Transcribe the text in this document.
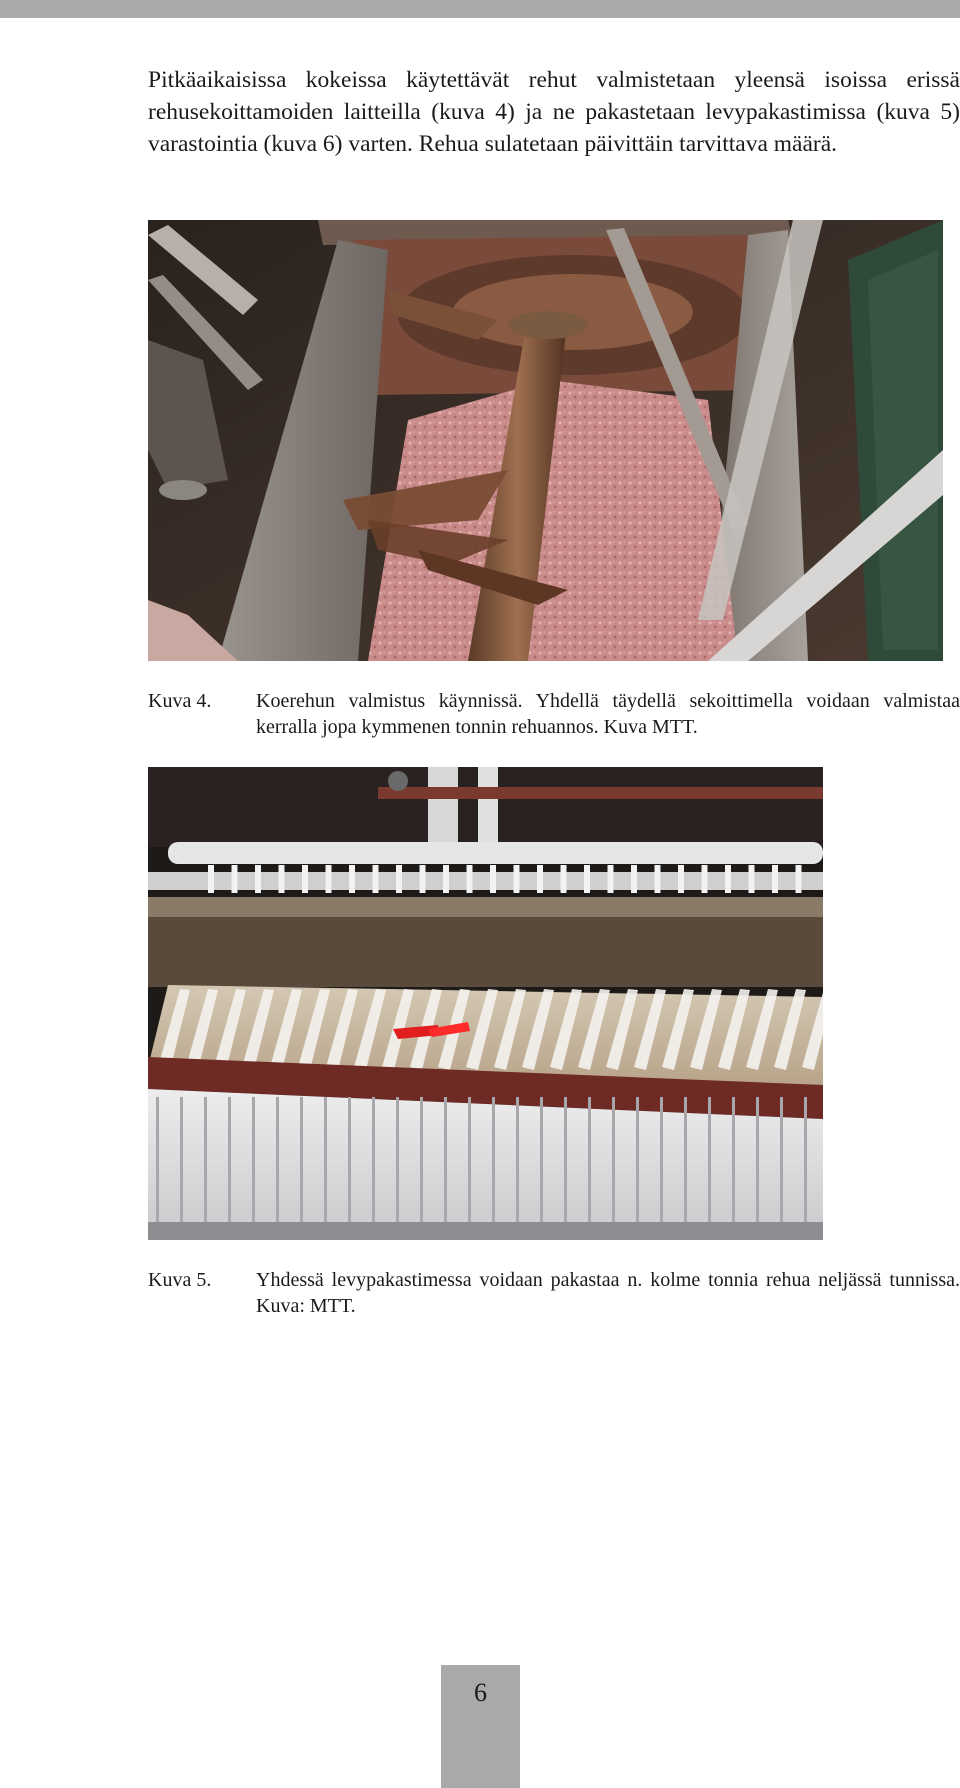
Pitkäaikaisissa kokeissa käytettävät rehut valmistetaan yleensä isoissa erissä rehusekoittamoiden laitteilla (kuva 4) ja ne pakastetaan levypakastimissa (kuva 5) varastointia (kuva 6) varten. Rehua sulatetaan päivittäin tarvittava määrä.

Kuva 4.	Koerehun valmistus käynnissä. Yhdellä täydellä sekoittimella voidaan valmistaa kerralla jopa kymmenen tonnin rehuannos. Kuva MTT.
Kuva 5.	Yhdessä levypakastimessa voidaan pakastaa n. kolme tonnia rehua neljässä tunnissa. Kuva: MTT.
6
